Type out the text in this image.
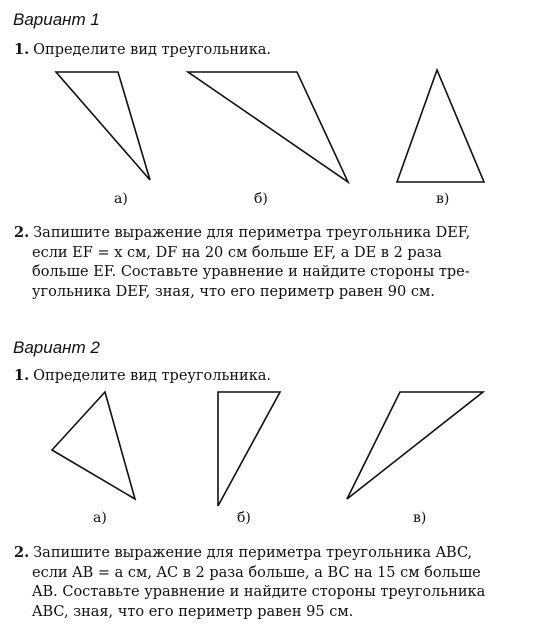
Вариант 1
1. Определите вид треугольника.
а)	б)	в)
2. Запишите выражение для периметра треугольника DEF,
если EF = x см, DF на 20 см больше EF, а DE в 2 раза
больше EF. Составьте уравнение и найдите стороны тре-
угольника DEF, зная, что его периметр равен 90 см.
Вариант 2
1. Определите вид треугольника.
а)	б)	в)
2. Запишите выражение для периметра треугольника ABC,
если AB = a см, AC в 2 раза больше, а BC на 15 см больше
AB. Составьте уравнение и найдите стороны треугольника
ABC, зная, что его периметр равен 95 см.
